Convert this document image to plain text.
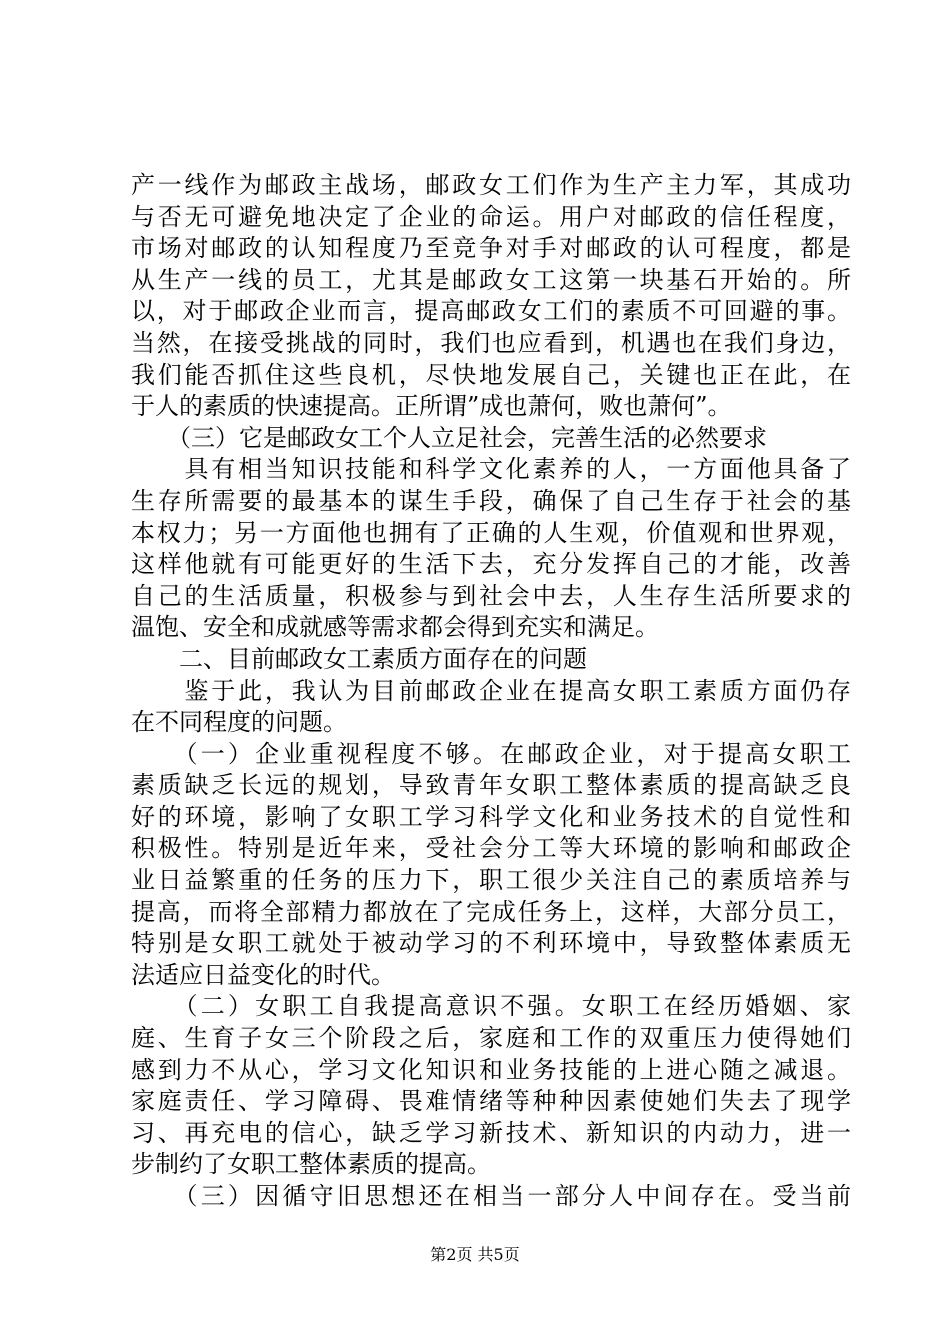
产一线作为邮政主战场，邮政女工们作为生产主力军，其成功
与否无可避免地决定了企业的命运。用户对邮政的信任程度，
市场对邮政的认知程度乃至竞争对手对邮政的认可程度，都是
从生产一线的员工，尤其是邮政女工这第一块基石开始的。所
以，对于邮政企业而言，提高邮政女工们的素质不可回避的事。
当然，在接受挑战的同时，我们也应看到，机遇也在我们身边，
我们能否抓住这些良机，尽快地发展自己，关键也正在此，在
于人的素质的快速提高。正所谓”成也萧何，败也萧何”。
　　（三）它是邮政女工个人立足社会，完善生活的必然要求
　　具有相当知识技能和科学文化素养的人，一方面他具备了
生存所需要的最基本的谋生手段，确保了自己生存于社会的基
本权力；另一方面他也拥有了正确的人生观，价值观和世界观，
这样他就有可能更好的生活下去，充分发挥自己的才能，改善
自己的生活质量，积极参与到社会中去，人生存生活所要求的
温饱、安全和成就感等需求都会得到充实和满足。
　　二、目前邮政女工素质方面存在的问题
　　鉴于此，我认为目前邮政企业在提高女职工素质方面仍存
在不同程度的问题。
　　（一）企业重视程度不够。在邮政企业，对于提高女职工
素质缺乏长远的规划，导致青年女职工整体素质的提高缺乏良
好的环境，影响了女职工学习科学文化和业务技术的自觉性和
积极性。特别是近年来，受社会分工等大环境的影响和邮政企
业日益繁重的任务的压力下，职工很少关注自己的素质培养与
提高，而将全部精力都放在了完成任务上，这样，大部分员工，
特别是女职工就处于被动学习的不利环境中，导致整体素质无
法适应日益变化的时代。
　　（二）女职工自我提高意识不强。女职工在经历婚姻、家
庭、生育子女三个阶段之后，家庭和工作的双重压力使得她们
感到力不从心，学习文化知识和业务技能的上进心随之减退。
家庭责任、学习障碍、畏难情绪等种种因素使她们失去了现学
习、再充电的信心，缺乏学习新技术、新知识的内动力，进一
步制约了女职工整体素质的提高。
　　（三）因循守旧思想还在相当一部分人中间存在。受当前
第2页 共5页
